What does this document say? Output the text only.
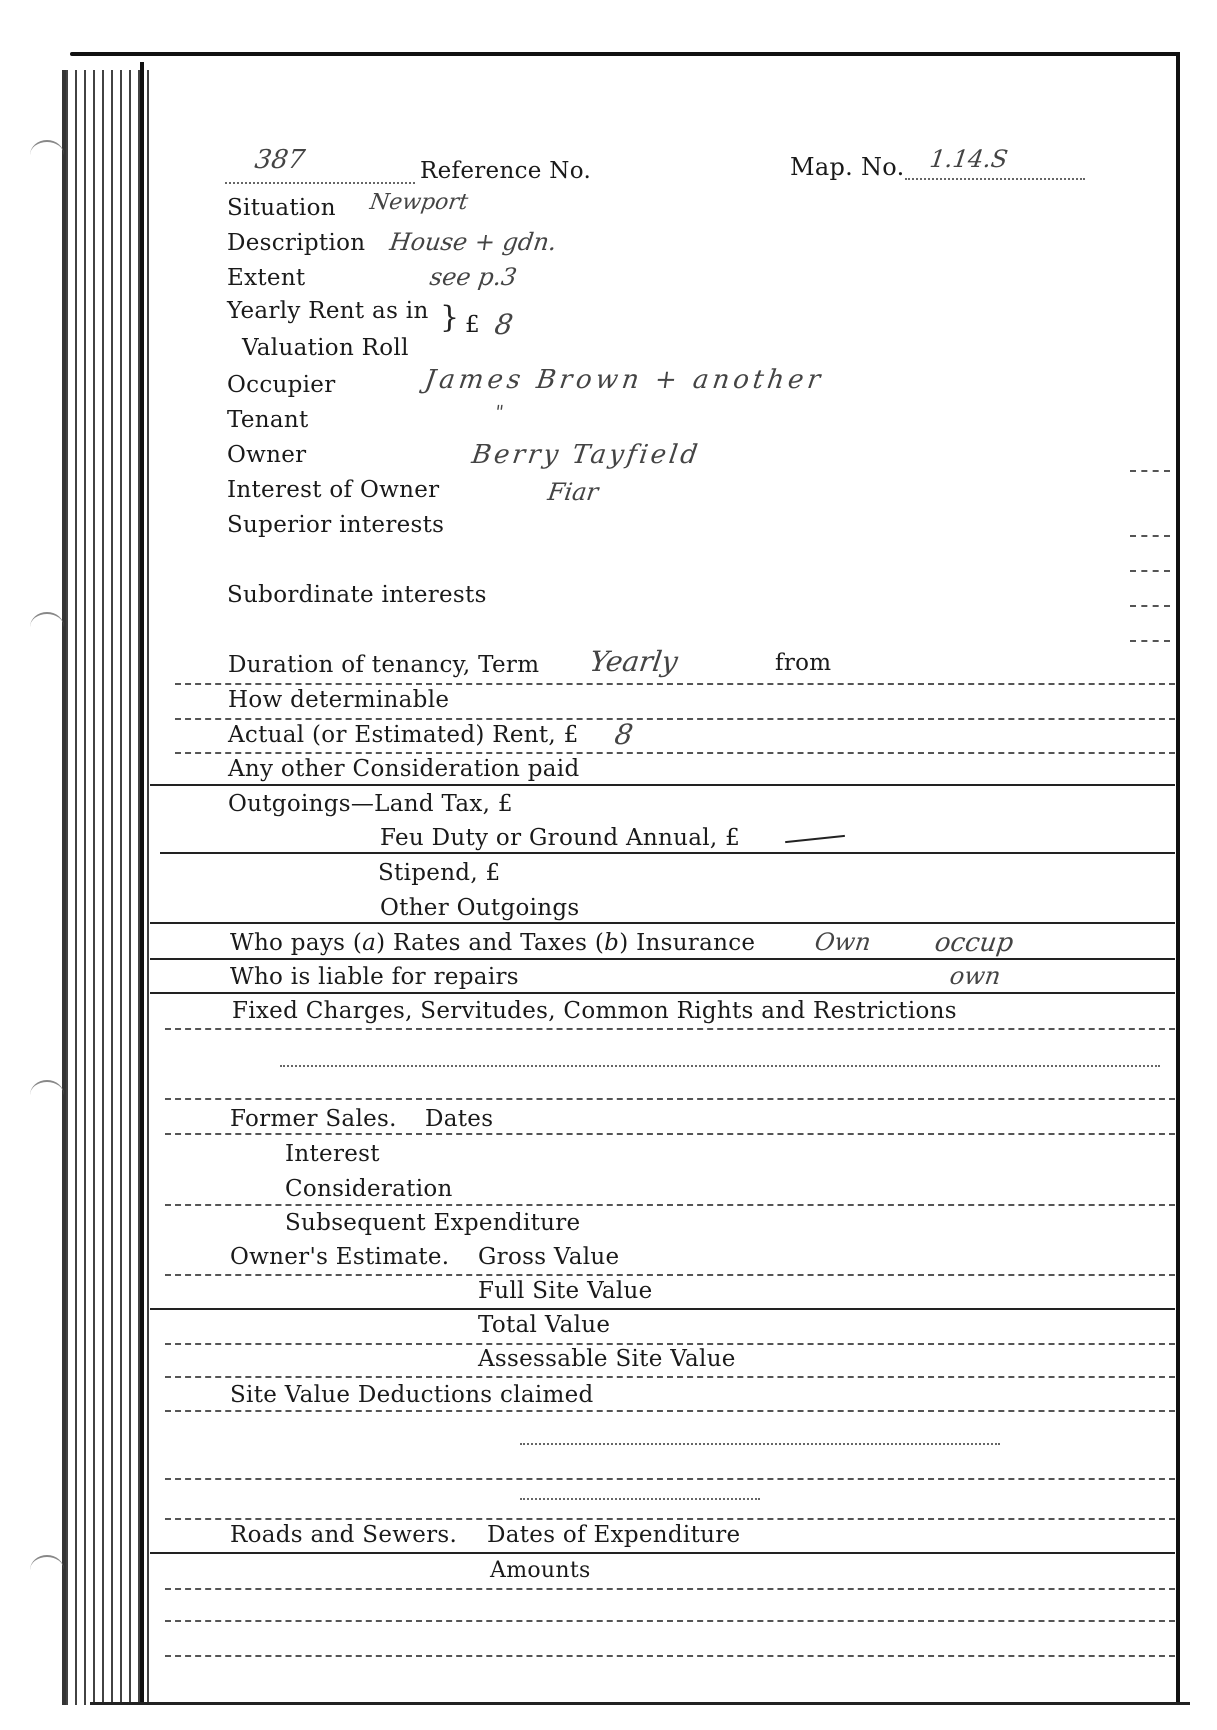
387	Reference No.	Map. No. 1.14.S
Situation Newport
Description House + gdn.
Extent	see p.3
Yearly Rent as in
Valuation Roll
} £ 8
Occupier	James Brown + another
Tenant	"
Owner	Berry Tayfield
Interest of Owner	Fiar
Superior interests
Subordinate interests
Duration of tenancy, Term Yearly	from
How determinable
Actual (or Estimated) Rent, £ 8
Any other Consideration paid
Outgoings—Land Tax, £
Feu Duty or Ground Annual, £
Stipend, £
Other Outgoings
Who pays (a) Rates and Taxes (b) Insurance Own occup
Who is liable for repairs	own
Fixed Charges, Servitudes, Common Rights and Restrictions
Former Sales. Dates
Interest
Consideration
Subsequent Expenditure
Owner's Estimate. Gross Value
Full Site Value
Total Value
Assessable Site Value
Site Value Deductions claimed
Roads and Sewers. Dates of Expenditure
Amounts
